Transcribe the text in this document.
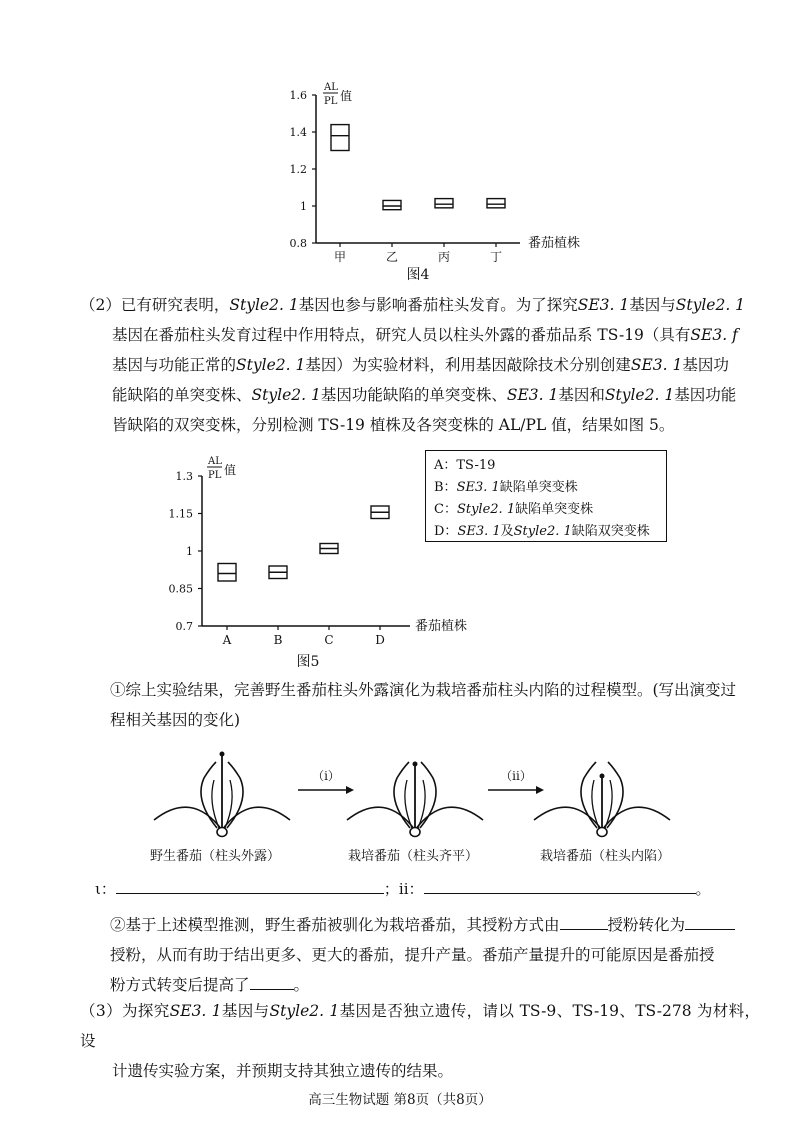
0.8
1
1.2
1.4
1.6
甲	乙	丙	丁
AL
PL 值
番茄植株
图4
（2）已有研究表明，Style2. 1基因也参与影响番茄柱头发育。为了探究SE3. 1基因与Style2. 1
基因在番茄柱头发育过程中作用特点，研究人员以柱头外露的番茄品系 TS-19（具有SE3. f
基因与功能正常的Style2. 1基因）为实验材料，利用基因敲除技术分别创建SE3. 1基因功
能缺陷的单突变株、Style2. 1基因功能缺陷的单突变株、SE3. 1基因和Style2. 1基因功能
皆缺陷的双突变株，分别检测 TS-19 植株及各突变株的 AL/PL 值，结果如图 5。
0.7
0.85
1
1.15
1.3
A	B	C	D
AL
PL 值
番茄植株
图5
A：TS-19
B：SE3. 1缺陷单突变株
C：Style2. 1缺陷单突变株
D：SE3. 1及Style2. 1缺陷双突变株
①综上实验结果，完善野生番茄柱头外露演化为栽培番茄柱头内陷的过程模型。(写出演变过
程相关基因的变化)
（i）	（ii）
野生番茄（柱头外露）	栽培番茄（柱头齐平）	栽培番茄（柱头内陷）
ι：	；ii：	。
②基于上述模型推测，野生番茄被驯化为栽培番茄，其授粉方式由	授粉转化为
授粉，从而有助于结出更多、更大的番茄，提升产量。番茄产量提升的可能原因是番茄授
粉方式转变后提高了	。
（3）为探究SE3. 1基因与Style2. 1基因是否独立遗传，请以 TS-9、TS-19、TS-278 为材料，设
计遗传实验方案，并预期支持其独立遗传的结果。
高三生物试题 第8页（共8页）
